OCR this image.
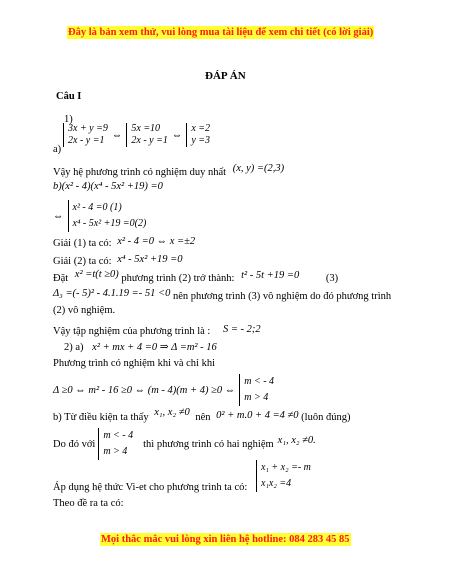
Đây là bản xem thử, vui lòng mua tài liệu để xem chi tiết (có lời giải)
ĐÁP ÁN
Câu I
1)
a)
3x + y =9
2x - y =1 ⇔
5x =10
2x - y =1 ⇔
x =2
y =3
Vậy hệ phương trình có nghiệm duy nhất (x, y) =(2,3)
b)(x² - 4)(x⁴ - 5x² +19) =0
⇔
x² - 4 =0 (1)
x⁴ - 5x² +19 =0(2)
Giải (1) ta có: x² - 4 =0 ⇔ x =±2
Giải (2) ta có: x⁴ - 5x² +19 =0
Đặt x² =t(t ≥0) phương trình (2) trở thành: t² - 5t +19 =0	(3)
Δ₃ =(- 5)² - 4.1.19 =- 51 <0 nên phương trình (3) vô nghiệm do đó phương trình
(2) vô nghiệm.
Vậy tập nghiệm của phương trình là : S = - 2;2
2) a) x² + mx + 4 =0 ⇒ Δ =m² - 16
Phương trình có nghiệm khi và chỉ khi
Δ ≥0 ⇔ m² - 16 ≥0 ⇔ (m - 4)(m + 4) ≥0 ⇔
m < - 4
m > 4
b) Từ điều kiện ta thấy x₁, x₂ ≠0 nên 0² + m.0 + 4 =4 ≠0 (luôn đúng)
Do đó với
m < - 4
m > 4
thì phương trình có hai nghiệm x₁, x₂ ≠0.
x₁ + x₂ =- m
x₁x₂ =4
Áp dụng hệ thức Vi-et cho phương trình ta có:
Theo đề ra ta có:
Mọi thắc mắc vui lòng xin liên hệ hotline: 084 283 45 85
